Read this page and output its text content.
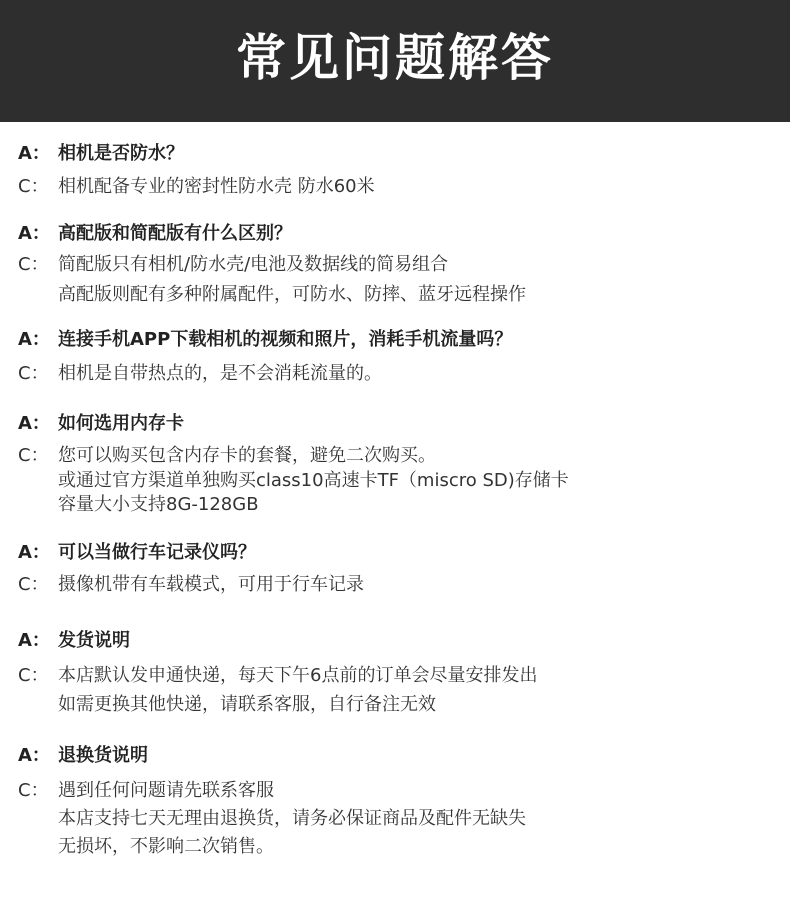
常见问题解答
A： 相机是否防水？
C： 相机配备专业的密封性防水壳 防水60米
A： 高配版和简配版有什么区别？
C： 简配版只有相机/防水壳/电池及数据线的简易组合
高配版则配有多种附属配件，可防水、防摔、蓝牙远程操作
A： 连接手机APP下载相机的视频和照片，消耗手机流量吗？
C： 相机是自带热点的，是不会消耗流量的。
A： 如何选用内存卡
C： 您可以购买包含内存卡的套餐，避免二次购买。
或通过官方渠道单独购买class10高速卡TF（miscro SD)存储卡
容量大小支持8G-128GB
A： 可以当做行车记录仪吗？
C： 摄像机带有车载模式，可用于行车记录
A： 发货说明
C： 本店默认发申通快递，每天下午6点前的订单会尽量安排发出
如需更换其他快递，请联系客服，自行备注无效
A： 退换货说明
C： 遇到任何问题请先联系客服
本店支持七天无理由退换货，请务必保证商品及配件无缺失
无损坏，不影响二次销售。
